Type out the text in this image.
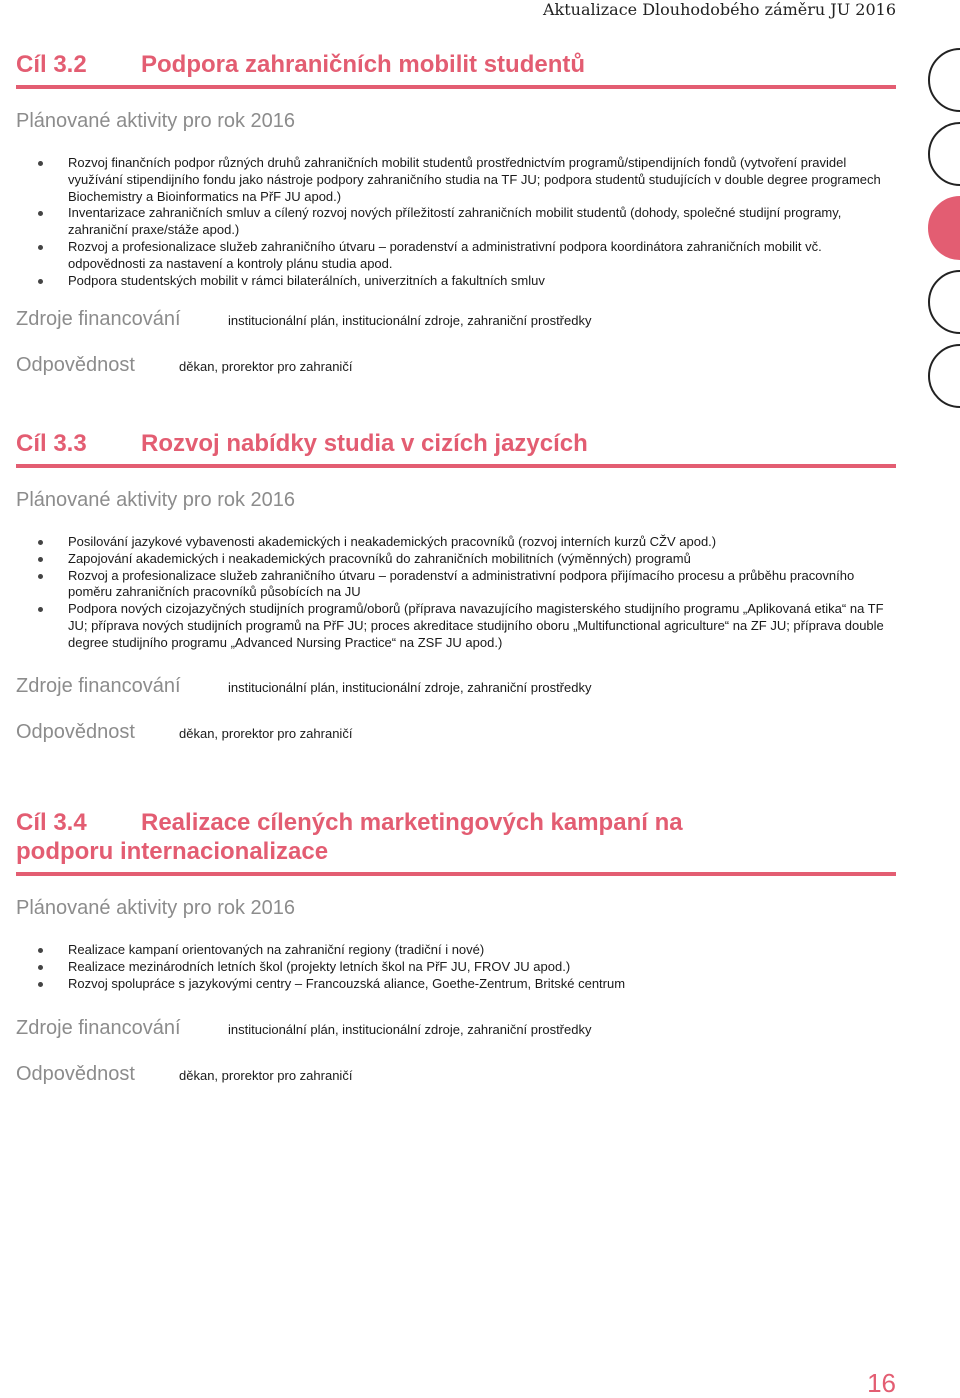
Aktualizace Dlouhodobého záměru JU 2016
Cíl 3.2 Podpora zahraničních mobilit studentů
Plánované aktivity pro rok 2016
Rozvoj finančních podpor různých druhů zahraničních mobilit studentů prostřednictvím programů/stipendijních fondů (vytvoření pravidel využívání stipendijního fondu jako nástroje podpory zahraničního studia na TF JU; podpora studentů studujících v double degree programech Biochemistry a Bioinformatics na PřF JU apod.)
Inventarizace zahraničních smluv a cílený rozvoj nových příležitostí zahraničních mobilit studentů (dohody, společné studijní programy, zahraniční praxe/stáže apod.)
Rozvoj a profesionalizace služeb zahraničního útvaru – poradenství a administrativní podpora koordinátora zahraničních mobilit vč. odpovědnosti za nastavení a kontroly plánu studia apod.
Podpora studentských mobilit v rámci bilaterálních, univerzitních a fakultních smluv
Zdroje financování	institucionální plán, institucionální zdroje, zahraniční prostředky
Odpovědnost	děkan, prorektor pro zahraničí
Cíl 3.3 Rozvoj nabídky studia v cizích jazycích
Plánované aktivity pro rok 2016
Posilování jazykové vybavenosti akademických i neakademických pracovníků (rozvoj interních kurzů CŽV apod.)
Zapojování akademických i neakademických pracovníků do zahraničních mobilitních (výměnných) programů
Rozvoj a profesionalizace služeb zahraničního útvaru – poradenství a administrativní podpora přijímacího procesu a průběhu pracovního poměru zahraničních pracovníků působících na JU
Podpora nových cizojazyčných studijních programů/oborů (příprava navazujícího magisterského studijního programu „Aplikovaná etika“ na TF JU; příprava nových studijních programů na PřF JU; proces akreditace studijního oboru „Multifunctional agriculture“ na ZF JU; příprava double degree studijního programu „Advanced Nursing Practice“ na ZSF JU apod.)
Zdroje financování	institucionální plán, institucionální zdroje, zahraniční prostředky
Odpovědnost	děkan, prorektor pro zahraničí
Cíl 3.4 Realizace cílených marketingových kampaní na podporu internacionalizace
Plánované aktivity pro rok 2016
Realizace kampaní orientovaných na zahraniční regiony (tradiční i nové)
Realizace mezinárodních letních škol (projekty letních škol na PřF JU, FROV JU apod.)
Rozvoj spolupráce s jazykovými centry – Francouzská aliance, Goethe-Zentrum, Britské centrum
Zdroje financování	institucionální plán, institucionální zdroje, zahraniční prostředky
Odpovědnost	děkan, prorektor pro zahraničí
16
